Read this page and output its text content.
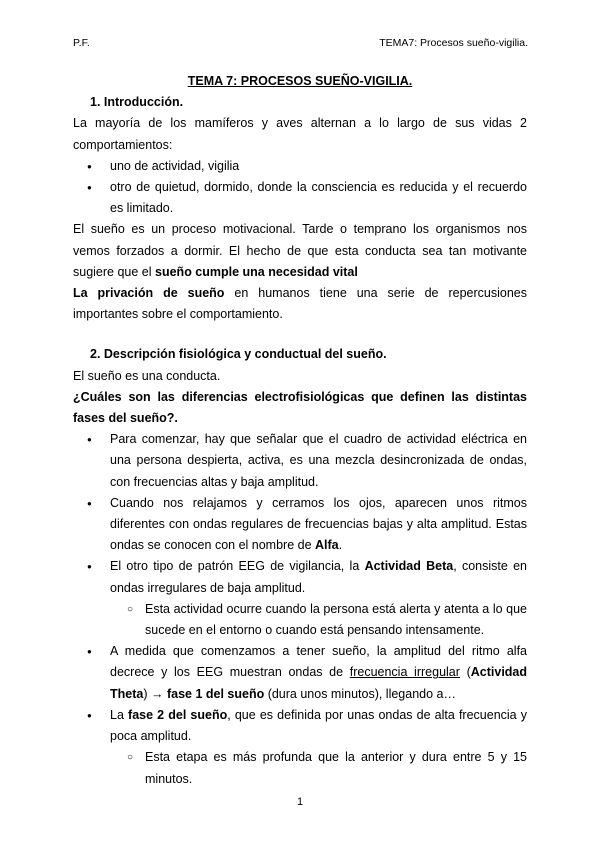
P.F.	TEMA7: Procesos sueño-vigilia.
TEMA 7: PROCESOS SUEÑO-VIGILIA.
1. Introducción.

La mayoría de los mamíferos y aves alternan a lo largo de sus vidas 2 comportamientos:

● uno de actividad, vigilia
● otro de quietud, dormido, donde la consciencia es reducida y el recuerdo es limitado.

El sueño es un proceso motivacional. Tarde o temprano los organismos nos vemos forzados a dormir. El hecho de que esta conducta sea tan motivante sugiere que el sueño cumple una necesidad vital

La privación de sueño en humanos tiene una serie de repercusiones importantes sobre el comportamiento.

2. Descripción fisiológica y conductual del sueño.

El sueño es una conducta.

¿Cuáles son las diferencias electrofisiológicas que definen las distintas fases del sueño?.

● Para comenzar, hay que señalar que el cuadro de actividad eléctrica en una persona despierta, activa, es una mezcla desincronizada de ondas, con frecuencias altas y baja amplitud.
● Cuando nos relajamos y cerramos los ojos, aparecen unos ritmos diferentes con ondas regulares de frecuencias bajas y alta amplitud. Estas ondas se conocen con el nombre de Alfa.
● El otro tipo de patrón EEG de vigilancia, la Actividad Beta, consiste en ondas irregulares de baja amplitud.
○ Esta actividad ocurre cuando la persona está alerta y atenta a lo que sucede en el entorno o cuando está pensando intensamente.
● A medida que comenzamos a tener sueño, la amplitud del ritmo alfa decrece y los EEG muestran ondas de frecuencia irregular (Actividad Theta) → fase 1 del sueño (dura unos minutos), llegando a…
● La fase 2 del sueño, que es definida por unas ondas de alta frecuencia y poca amplitud.
○ Esta etapa es más profunda que la anterior y dura entre 5 y 15 minutos.
1
